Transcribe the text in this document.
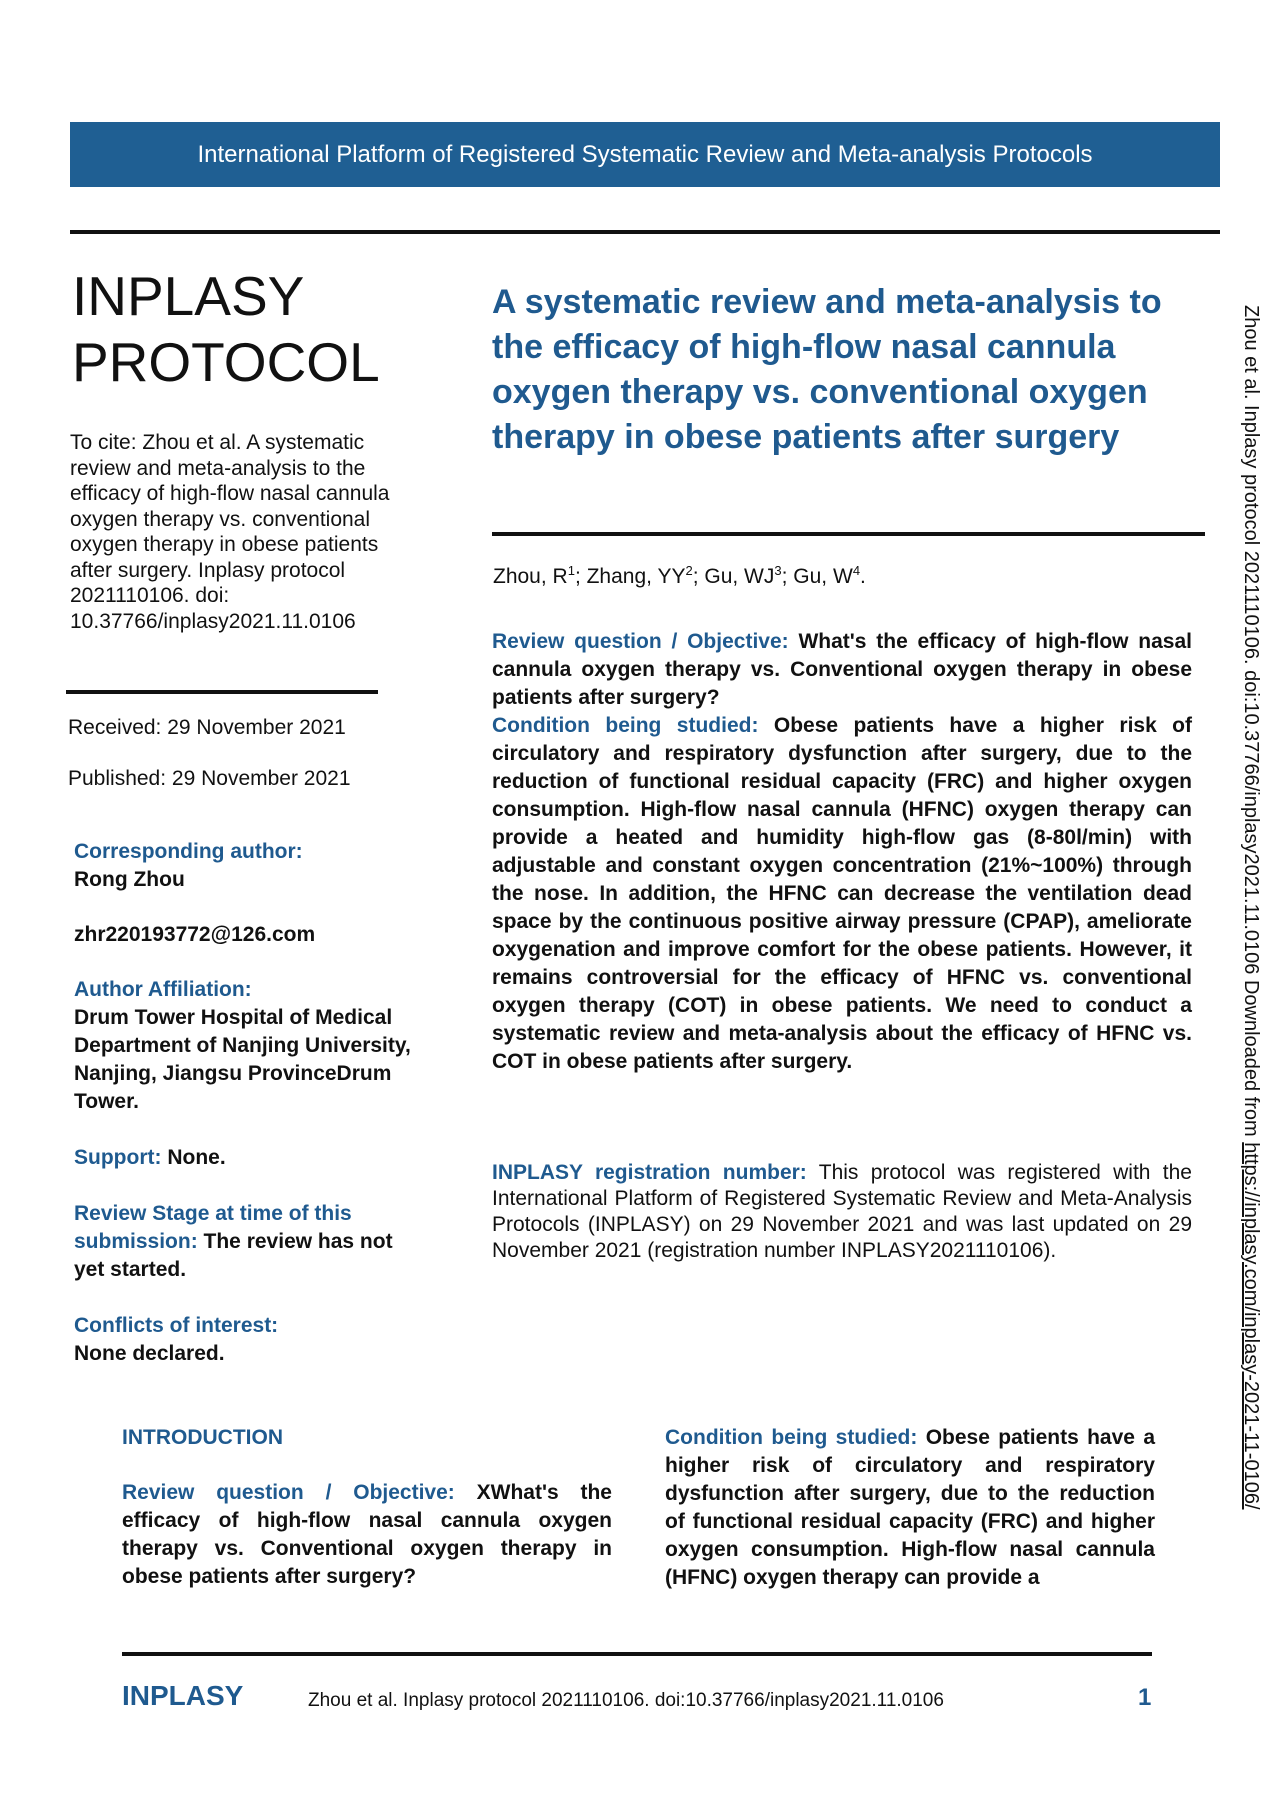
International Platform of Registered Systematic Review and Meta-analysis Protocols
INPLASY
PROTOCOL
To cite: Zhou et al. A systematic review and meta-analysis to the efficacy of high-flow nasal cannula oxygen therapy vs. conventional oxygen therapy in obese patients after surgery. Inplasy protocol 2021110106. doi: 10.37766/inplasy2021.11.0106
Received: 29 November 2021
Published: 29 November 2021
Corresponding author:
Rong Zhou
zhr220193772@126.com
Author Affiliation:
Drum Tower Hospital of Medical Department of Nanjing University, Nanjing, Jiangsu ProvinceDrum Tower.
Support: None.
Review Stage at time of this submission: The review has not yet started.
Conflicts of interest:
None declared.
A systematic review and meta-analysis to the efficacy of high-flow nasal cannula oxygen therapy vs. conventional oxygen therapy in obese patients after surgery
Zhou, $R^1$; Zhang, $YY^2$; Gu, $WJ^3$; Gu, $W^4$.
Review question / Objective: What's the efficacy of high-flow nasal cannula oxygen therapy vs. Conventional oxygen therapy in obese patients after surgery?
Condition being studied: Obese patients have a higher risk of circulatory and respiratory dysfunction after surgery, due to the reduction of functional residual capacity (FRC) and higher oxygen consumption. High-flow nasal cannula (HFNC) oxygen therapy can provide a heated and humidity high-flow gas (8-80l/min) with adjustable and constant oxygen concentration (21%~100%) through the nose. In addition, the HFNC can decrease the ventilation dead space by the continuous positive airway pressure (CPAP), ameliorate oxygenation and improve comfort for the obese patients. However, it remains controversial for the efficacy of HFNC vs. conventional oxygen therapy (COT) in obese patients. We need to conduct a systematic review and meta-analysis about the efficacy of HFNC vs. COT in obese patients after surgery.
INPLASY registration number: This protocol was registered with the International Platform of Registered Systematic Review and Meta-Analysis Protocols (INPLASY) on 29 November 2021 and was last updated on 29 November 2021 (registration number INPLASY2021110106).
INTRODUCTION
Review question / Objective: XWhat's the efficacy of high-flow nasal cannula oxygen therapy vs. Conventional oxygen therapy in obese patients after surgery?
Condition being studied: Obese patients have a higher risk of circulatory and respiratory dysfunction after surgery, due to the reduction of functional residual capacity (FRC) and higher oxygen consumption. High-flow nasal cannula (HFNC) oxygen therapy can provide a
INPLASY	Zhou et al. Inplasy protocol 2021110106. doi:10.37766/inplasy2021.11.0106	1
Zhou et al. Inplasy protocol 2021110106. doi:10.37766/inplasy2021.11.0106 Downloaded from https://inplasy.com/inplasy-2021-11-0106/
